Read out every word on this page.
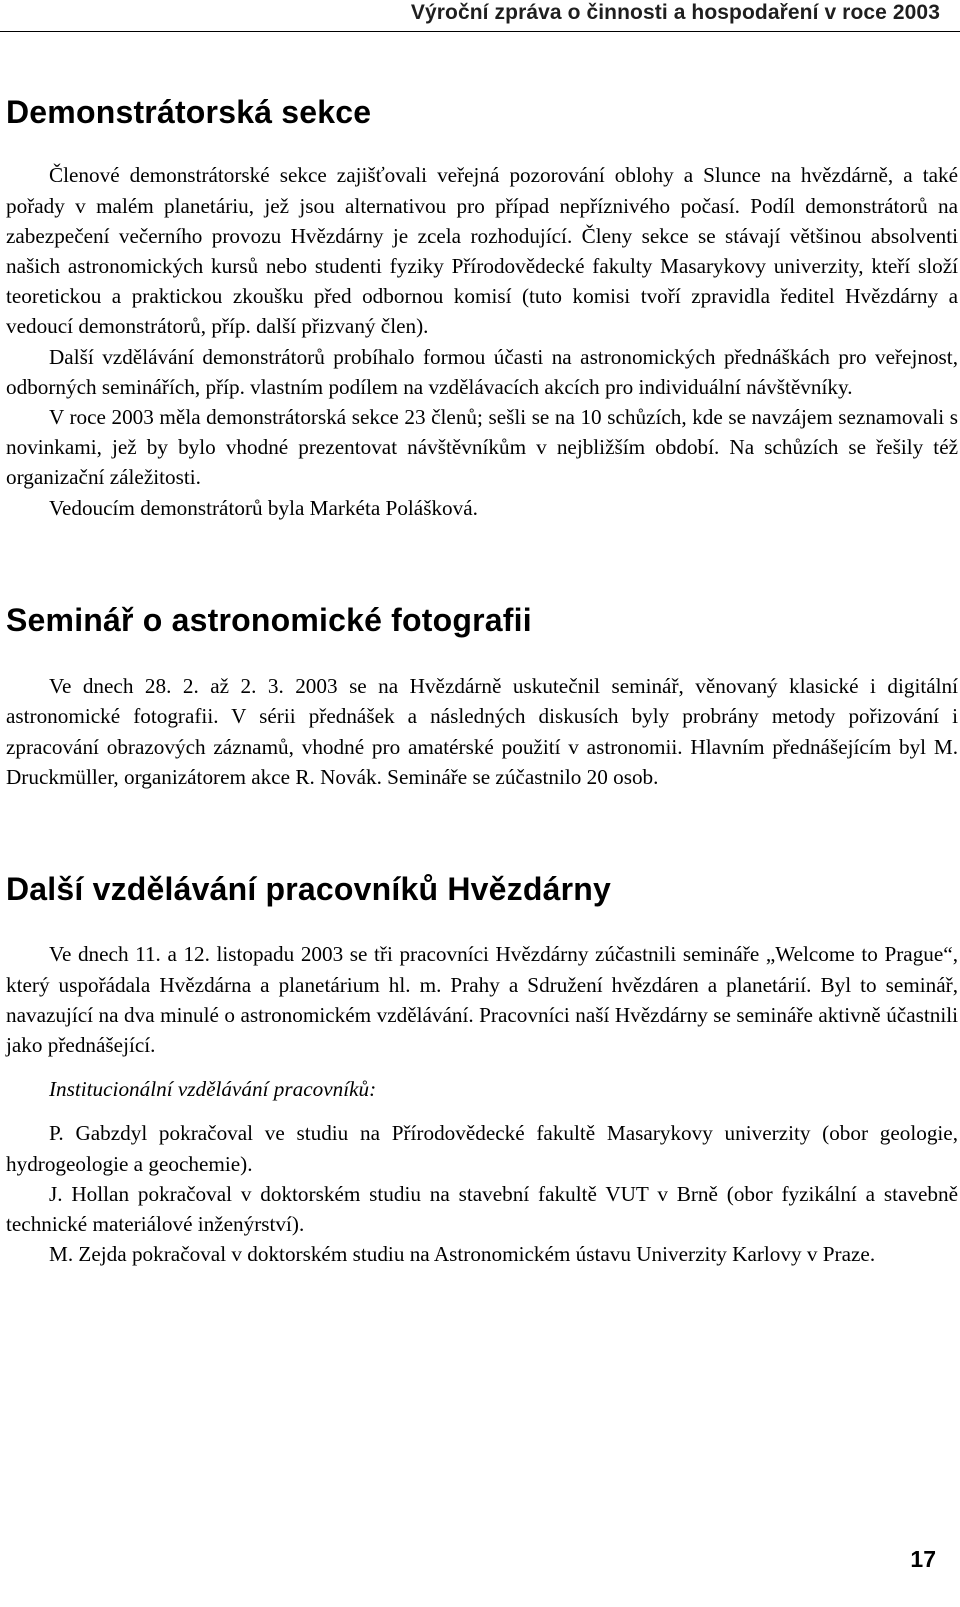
Výroční zpráva o činnosti a hospodaření v roce 2003
Demonstrátorská sekce

Členové demonstrátorské sekce zajišťovali veřejná pozorování oblohy a Slunce na hvězdárně, a také pořady v malém planetáriu, jež jsou alternativou pro případ nepříznivého počasí. Podíl demonstrátorů na zabezpečení večerního provozu Hvězdárny je zcela rozhodující. Členy sekce se stávají většinou absolventi našich astronomických kursů nebo studenti fyziky Přírodovědecké fakulty Masarykovy univerzity, kteří složí teoretickou a praktickou zkoušku před odbornou komisí (tuto komisi tvoří zpravidla ředitel Hvězdárny a vedoucí demonstrátorů, příp. další přizvaný člen).

Další vzdělávání demonstrátorů probíhalo formou účasti na astronomických přednáškách pro veřejnost, odborných seminářích, příp. vlastním podílem na vzdělávacích akcích pro individuální návštěvníky.

V roce 2003 měla demonstrátorská sekce 23 členů; sešli se na 10 schůzích, kde se navzájem seznamovali s novinkami, jež by bylo vhodné prezentovat návštěvníkům v nejbližším období. Na schůzích se řešily též organizační záležitosti.

Vedoucím demonstrátorů byla Markéta Polášková.

Seminář o astronomické fotografii

Ve dnech 28. 2. až 2. 3. 2003 se na Hvězdárně uskutečnil seminář, věnovaný klasické i digitální astronomické fotografii. V sérii přednášek a následných diskusích byly probrány metody pořizování i zpracování obrazových záznamů, vhodné pro amatérské použití v astronomii. Hlavním přednášejícím byl M. Druckmüller, organizátorem akce R. Novák. Semináře se zúčastnilo 20 osob.

Další vzdělávání pracovníků Hvězdárny

Ve dnech 11. a 12. listopadu 2003 se tři pracovníci Hvězdárny zúčastnili semináře „Welcome to Prague“, který uspořádala Hvězdárna a planetárium hl. m. Prahy a Sdružení hvězdáren a planetárií. Byl to seminář, navazující na dva minulé o astronomickém vzdělávání. Pracovníci naší Hvězdárny se semináře aktivně účastnili jako přednášející.

Institucionální vzdělávání pracovníků:

P. Gabzdyl pokračoval ve studiu na Přírodovědecké fakultě Masarykovy univerzity (obor geologie, hydrogeologie a geochemie).

J. Hollan pokračoval v doktorském studiu na stavební fakultě VUT v Brně (obor fyzikální a stavebně technické materiálové inženýrství).

M. Zejda pokračoval v doktorském studiu na Astronomickém ústavu Univerzity Karlovy v Praze.

17
